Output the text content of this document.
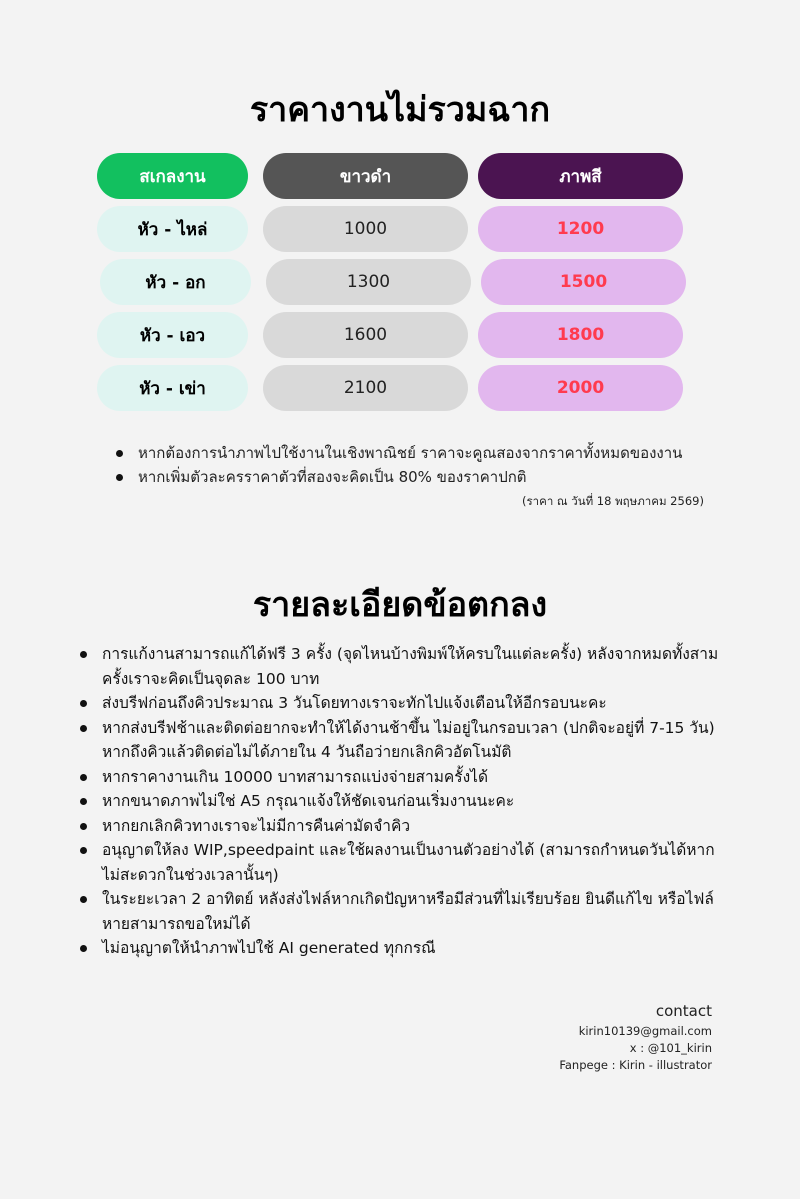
ราคางานไม่รวมฉาก
สเกลงาน	ขาวดำ	ภาพสี
หัว - ไหล่	1000	1200
หัว - อก	1300	1500
หัว - เอว	1600	1800
หัว - เข่า	2100	2000
หากต้องการนำภาพไปใช้งานในเชิงพาณิชย์ ราคาจะคูณสองจากราคาทั้งหมดของงาน
หากเพิ่มตัวละครราคาตัวที่สองจะคิดเป็น 80% ของราคาปกติ
(ราคา ณ วันที่ 18 พฤษภาคม 2569)
รายละเอียดข้อตกลง
การแก้งานสามารถแก้ได้ฟรี 3 ครั้ง (จุดไหนบ้างพิมพ์ให้ครบในแต่ละครั้ง) หลังจากหมดทั้งสาม
ครั้งเราจะคิดเป็นจุดละ 100 บาท
ส่งบรีฟก่อนถึงคิวประมาณ 3 วันโดยทางเราจะทักไปแจ้งเตือนให้อีกรอบนะคะ
หากส่งบรีฟช้าและติดต่อยากจะทำให้ได้งานช้าขึ้น ไม่อยู่ในกรอบเวลา (ปกติจะอยู่ที่ 7-15 วัน)
หากถึงคิวแล้วติดต่อไม่ได้ภายใน 4 วันถือว่ายกเลิกคิวอัตโนมัติ
หากราคางานเกิน 10000 บาทสามารถแบ่งจ่ายสามครั้งได้
หากขนาดภาพไม่ใช่ A5 กรุณาแจ้งให้ชัดเจนก่อนเริ่มงานนะคะ
หากยกเลิกคิวทางเราจะไม่มีการคืนค่ามัดจำคิว
อนุญาตให้ลง WIP,speedpaint และใช้ผลงานเป็นงานตัวอย่างได้ (สามารถกำหนดวันได้หาก
ไม่สะดวกในช่วงเวลานั้นๆ)
ในระยะเวลา 2 อาทิตย์ หลังส่งไฟล์หากเกิดปัญหาหรือมีส่วนที่ไม่เรียบร้อย ยินดีแก้ไข หรือไฟล์
หายสามารถขอใหม่ได้
ไม่อนุญาตให้นำภาพไปใช้ AI generated ทุกกรณี
contact
kirin10139@gmail.com
x : @101_kirin
Fanpege : Kirin - illustrator
